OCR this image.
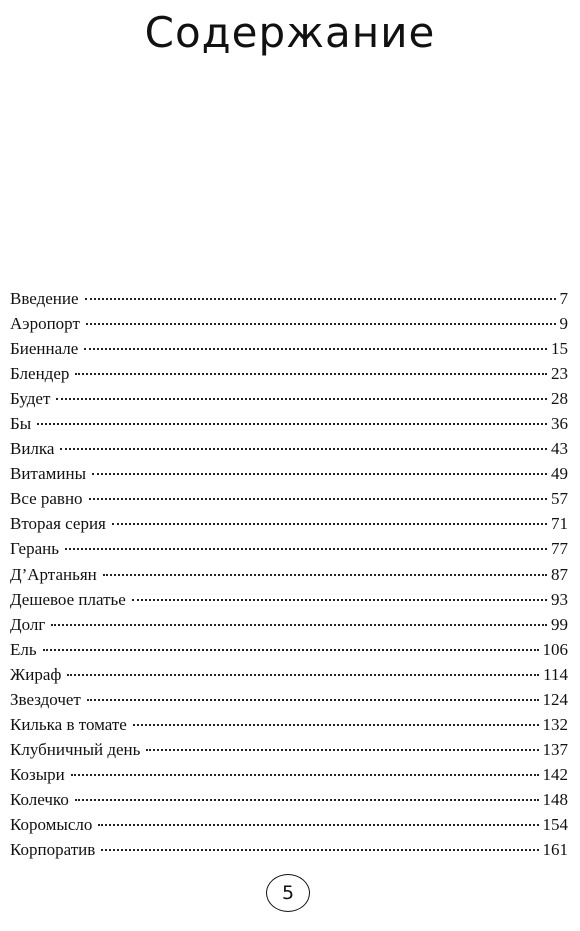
Содержание
Введение	7
Аэропорт	9
Биеннале	15
Блендер	23
Будет	28
Бы	36
Вилка	43
Витамины	49
Все равно	57
Вторая серия	71
Герань	77
Д’Артаньян	87
Дешевое платье	93
Долг	99
Ель	106
Жираф	114
Звездочет	124
Килька в томате	132
Клубничный день	137
Козыри	142
Колечко	148
Коромысло	154
Корпоратив	161
5
